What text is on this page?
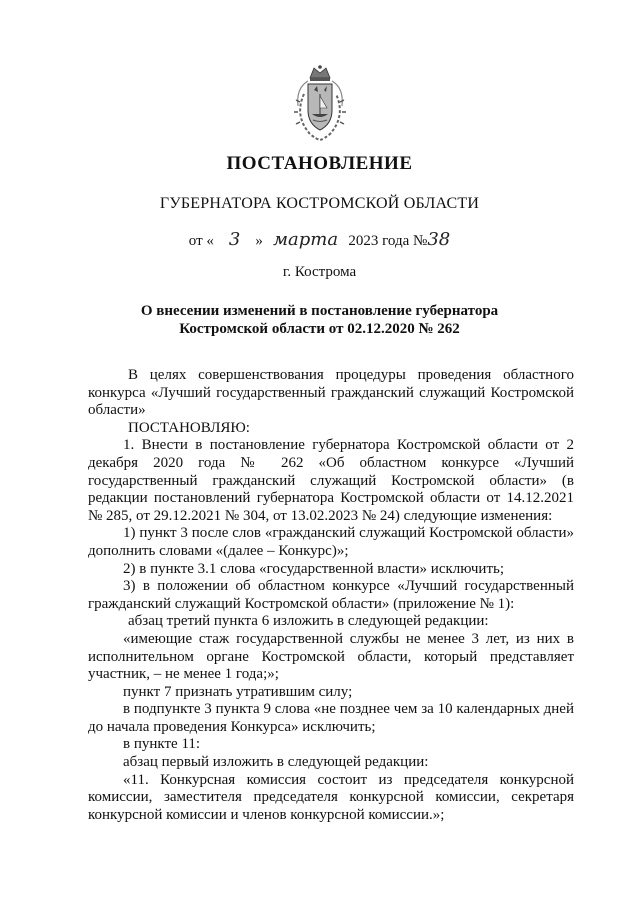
ПОСТАНОВЛЕНИЕ
ГУБЕРНАТОРА КОСТРОМСКОЙ ОБЛАСТИ
от « 3 » марта 2023 года №38
г. Кострома
О внесении изменений в постановление губернатора
Костромской области от 02.12.2020 № 262

В целях совершенствования процедуры проведения областного конкурса «Лучший государственный гражданский служащий Костромской области»

ПОСТАНОВЛЯЮ:

1. Внести в постановление губернатора Костромской области от 2 декабря 2020 года № 262 «Об областном конкурсе «Лучший государственный гражданский служащий Костромской области» (в редакции постановлений губернатора Костромской области от 14.12.2021 № 285, от 29.12.2021 № 304, от 13.02.2023 № 24) следующие изменения:

1) пункт 3 после слов «гражданский служащий Костромской области» дополнить словами «(далее – Конкурс)»;

2) в пункте 3.1 слова «государственной власти» исключить;

3) в положении об областном конкурсе «Лучший государственный гражданский служащий Костромской области» (приложение № 1):

абзац третий пункта 6 изложить в следующей редакции:

«имеющие стаж государственной службы не менее 3 лет, из них в исполнительном органе Костромской области, который представляет участник, – не менее 1 года;»;

пункт 7 признать утратившим силу;

в подпункте 3 пункта 9 слова «не позднее чем за 10 календарных дней до начала проведения Конкурса» исключить;

в пункте 11:

абзац первый изложить в следующей редакции:

«11. Конкурсная комиссия состоит из председателя конкурсной комиссии, заместителя председателя конкурсной комиссии, секретаря конкурсной комиссии и членов конкурсной комиссии.»;
